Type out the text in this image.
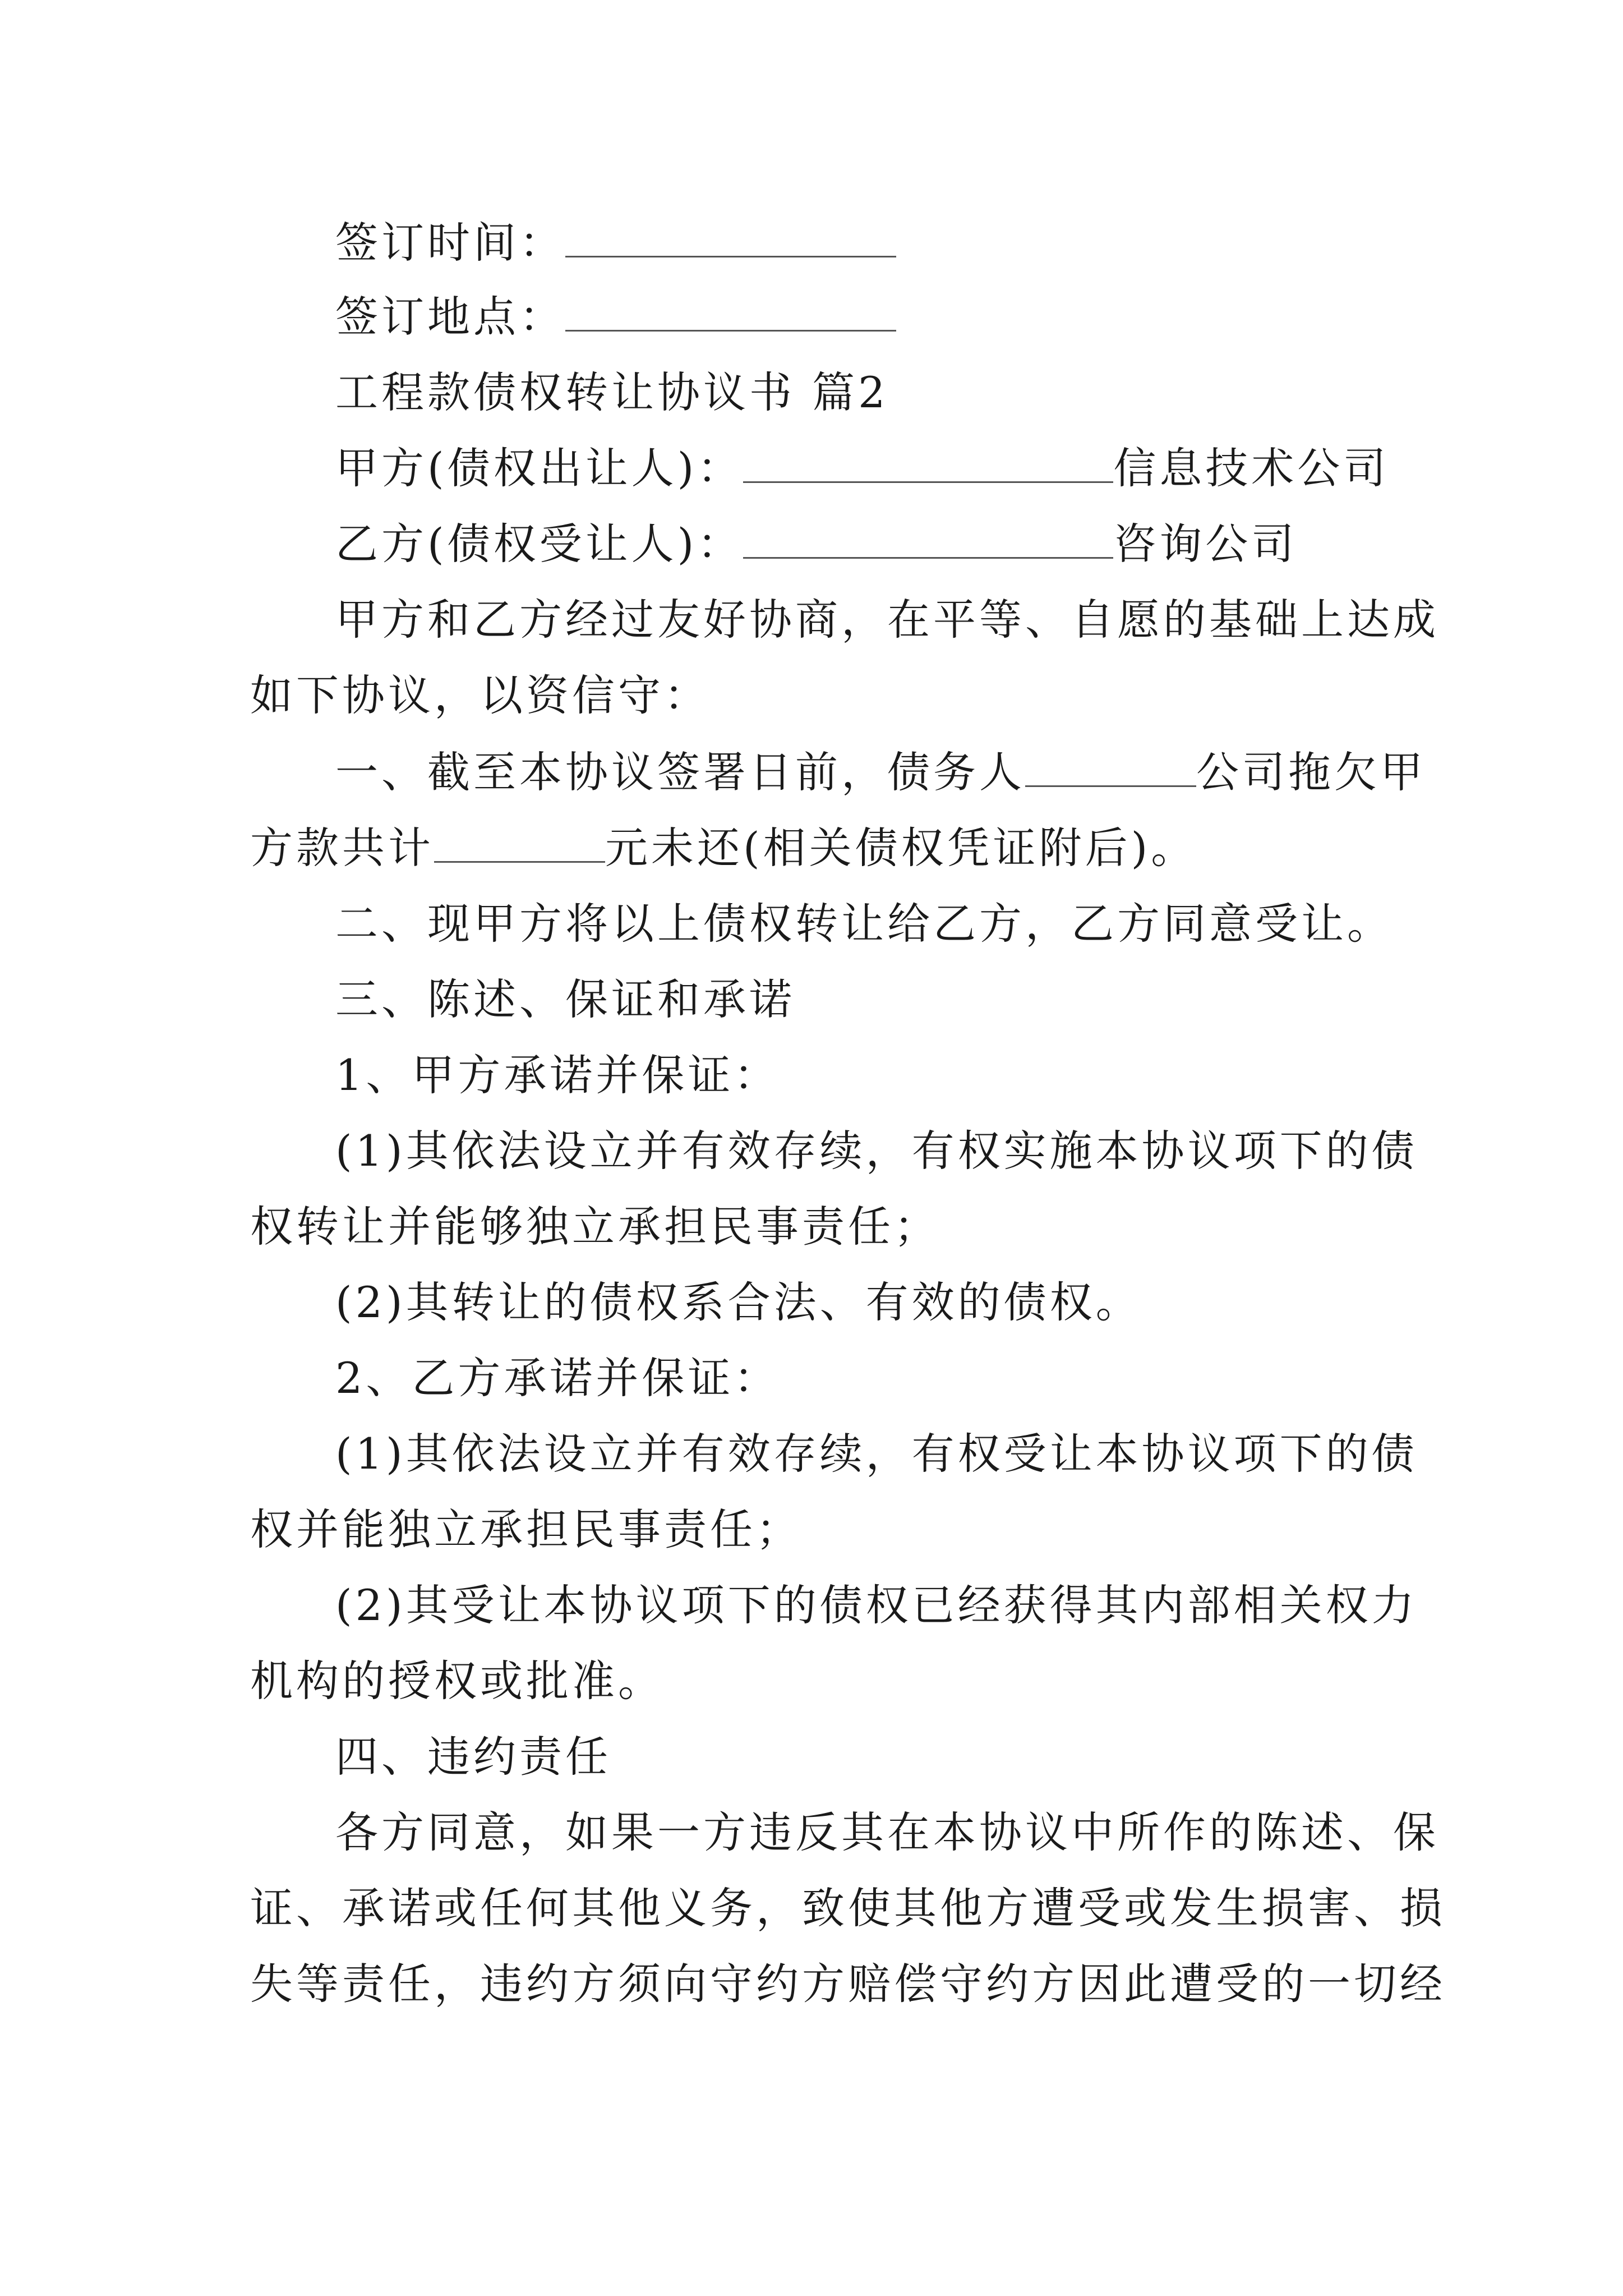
签订时间：
签订地点：
工程款债权转让协议书 篇2
甲方(债权出让人)：	信息技术公司
乙方(债权受让人)：	咨询公司
甲方和乙方经过友好协商，在平等、自愿的基础上达成
如下协议，以资信守：
一、截至本协议签署日前，债务人	公司拖欠甲
方款共计	元未还(相关债权凭证附后)。
二、现甲方将以上债权转让给乙方，乙方同意受让。
三、陈述、保证和承诺
1、甲方承诺并保证：
(1)其依法设立并有效存续，有权实施本协议项下的债
权转让并能够独立承担民事责任；
(2)其转让的债权系合法、有效的债权。
2、乙方承诺并保证：
(1)其依法设立并有效存续，有权受让本协议项下的债
权并能独立承担民事责任；
(2)其受让本协议项下的债权已经获得其内部相关权力
机构的授权或批准。
四、违约责任
各方同意，如果一方违反其在本协议中所作的陈述、保
证、承诺或任何其他义务，致使其他方遭受或发生损害、损
失等责任，违约方须向守约方赔偿守约方因此遭受的一切经
